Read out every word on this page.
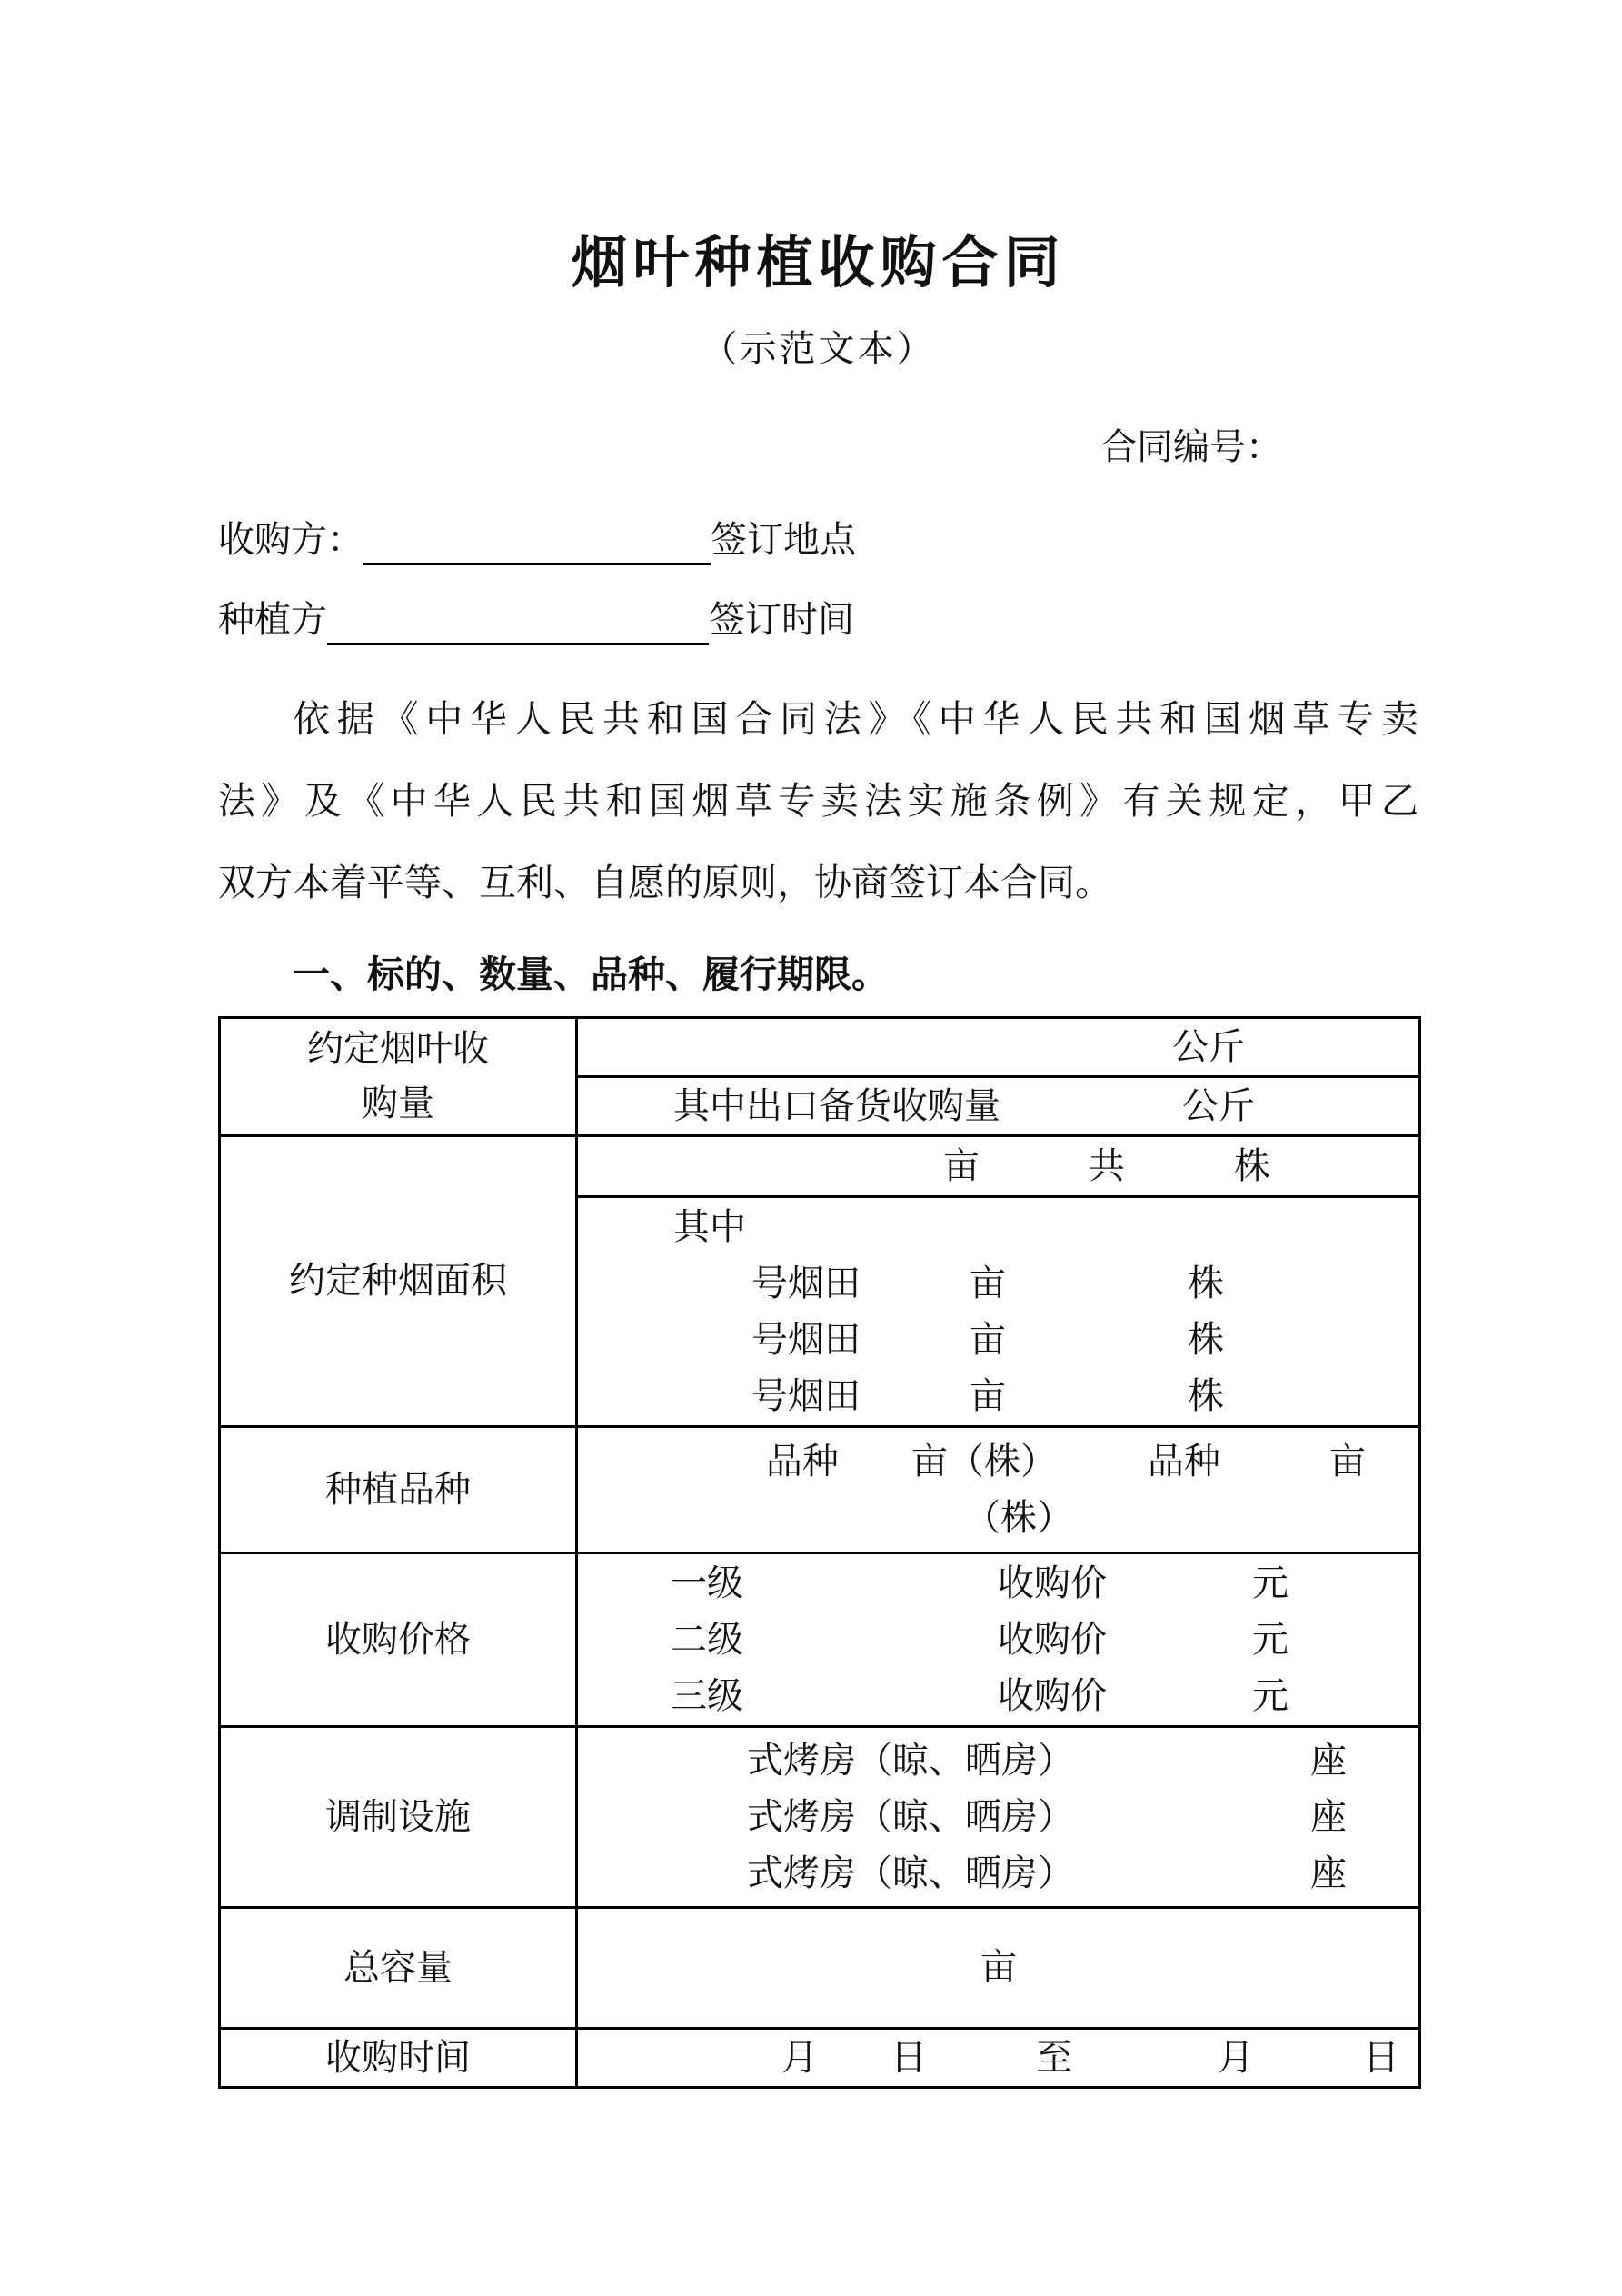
烟叶种植收购合同
（示范文本）
合同编号：
收购方：	签订地点
种植方	签订时间
依据《中华人民共和国合同法》《中华人民共和国烟草专卖
法》及《中华人民共和国烟草专卖法实施条例》有关规定，甲乙
双方本着平等、互利、自愿的原则，协商签订本合同。
一、标的、数量、品种、履行期限。
约定烟叶收购量	公斤

	其中出口备货收购量　　　　　公斤

约定种烟面积	亩　　　共　　　株

	其中
号烟田　　　亩　　　　　株
号烟田　　　亩　　　　　株
号烟田　　　亩　　　　　株

种植品种	品种　　亩（株）　　　品种　　　亩
（株）

收购价格	一级　　　　　　　收购价　　　　元
二级　　　　　　　收购价　　　　元
三级　　　　　　　收购价　　　　元

调制设施	式烤房（晾、晒房）　　　　　　　座
式烤房（晾、晒房）　　　　　　　座
式烤房（晾、晒房）　　　　　　　座

总容量	亩

收购时间	月　　日　　　至　　　　月　　　日
